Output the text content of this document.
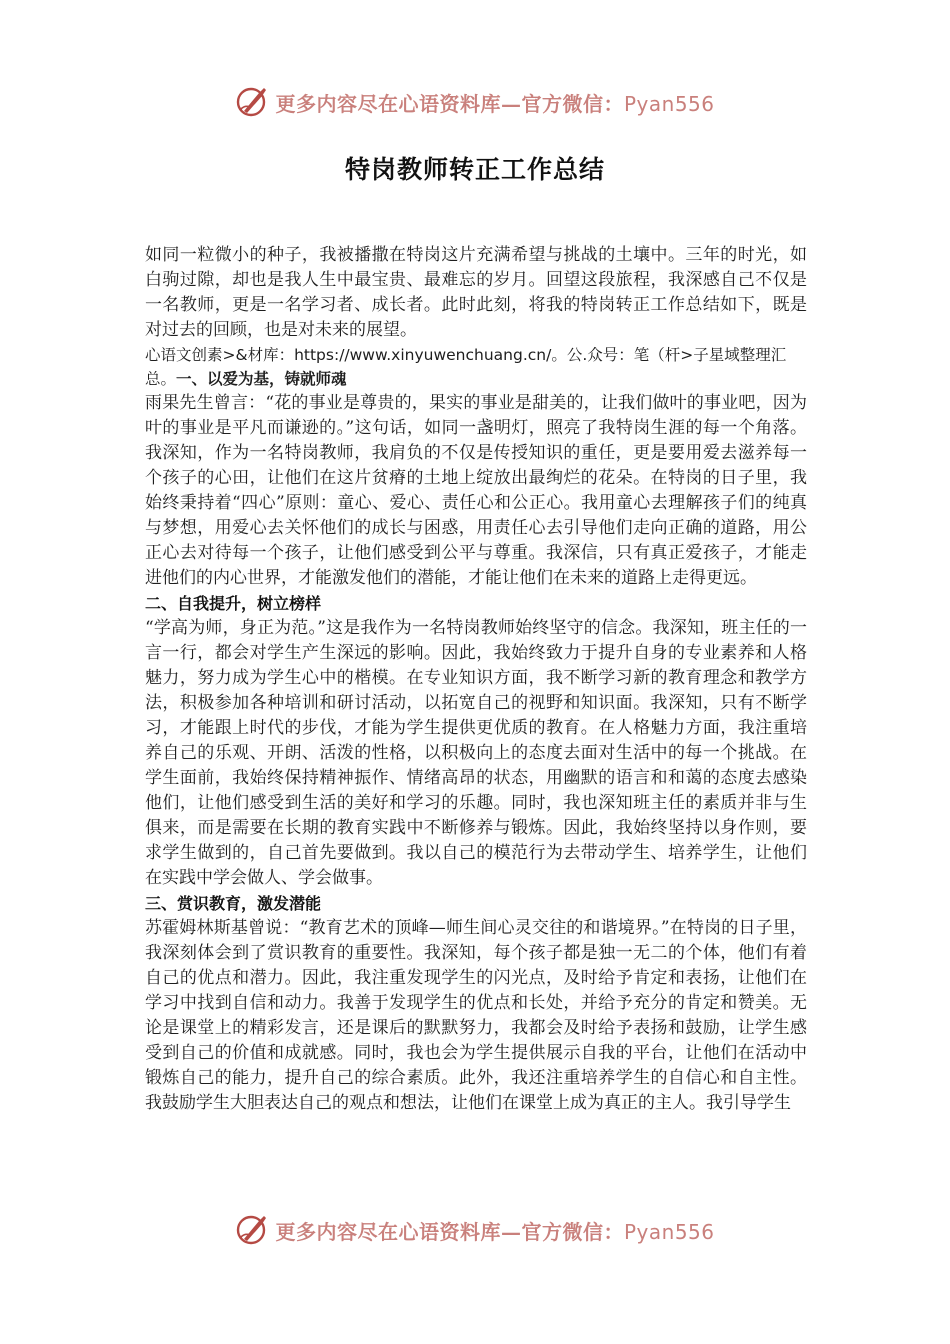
更多内容尽在心语资料库—官方微信：Pyan556
特岗教师转正工作总结

如同一粒微小的种子，我被播撒在特岗这片充满希望与挑战的土壤中。三年的时光，如白驹过隙，却也是我人生中最宝贵、最难忘的岁月。回望这段旅程，我深感自己不仅是一名教师，更是一名学习者、成长者。此时此刻，将我的特岗转正工作总结如下，既是对过去的回顾，也是对未来的展望。

心语文创素>&材库：https://www.xinyuwenchuang.cn/。公.众号：笔（杆>子星域整理汇总。一、以爱为基，铸就师魂

雨果先生曾言：“花的事业是尊贵的，果实的事业是甜美的，让我们做叶的事业吧，因为叶的事业是平凡而谦逊的。”这句话，如同一盏明灯，照亮了我特岗生涯的每一个角落。我深知，作为一名特岗教师，我肩负的不仅是传授知识的重任，更是要用爱去滋养每一个孩子的心田，让他们在这片贫瘠的土地上绽放出最绚烂的花朵。在特岗的日子里，我始终秉持着“四心”原则：童心、爱心、责任心和公正心。我用童心去理解孩子们的纯真与梦想，用爱心去关怀他们的成长与困惑，用责任心去引导他们走向正确的道路，用公正心去对待每一个孩子，让他们感受到公平与尊重。我深信，只有真正爱孩子，才能走进他们的内心世界，才能激发他们的潜能，才能让他们在未来的道路上走得更远。

二、自我提升，树立榜样

“学高为师，身正为范。”这是我作为一名特岗教师始终坚守的信念。我深知，班主任的一言一行，都会对学生产生深远的影响。因此，我始终致力于提升自身的专业素养和人格魅力，努力成为学生心中的楷模。在专业知识方面，我不断学习新的教育理念和教学方法，积极参加各种培训和研讨活动，以拓宽自己的视野和知识面。我深知，只有不断学习，才能跟上时代的步伐，才能为学生提供更优质的教育。在人格魅力方面，我注重培养自己的乐观、开朗、活泼的性格，以积极向上的态度去面对生活中的每一个挑战。在学生面前，我始终保持精神振作、情绪高昂的状态，用幽默的语言和和蔼的态度去感染他们，让他们感受到生活的美好和学习的乐趣。同时，我也深知班主任的素质并非与生俱来，而是需要在长期的教育实践中不断修养与锻炼。因此，我始终坚持以身作则，要求学生做到的，自己首先要做到。我以自己的模范行为去带动学生、培养学生，让他们在实践中学会做人、学会做事。

三、赏识教育，激发潜能

苏霍姆林斯基曾说：“教育艺术的顶峰—师生间心灵交往的和谐境界。”在特岗的日子里，我深刻体会到了赏识教育的重要性。我深知，每个孩子都是独一无二的个体，他们有着自己的优点和潜力。因此，我注重发现学生的闪光点，及时给予肯定和表扬，让他们在学习中找到自信和动力。我善于发现学生的优点和长处，并给予充分的肯定和赞美。无论是课堂上的精彩发言，还是课后的默默努力，我都会及时给予表扬和鼓励，让学生感受到自己的价值和成就感。同时，我也会为学生提供展示自我的平台，让他们在活动中锻炼自己的能力，提升自己的综合素质。此外，我还注重培养学生的自信心和自主性。我鼓励学生大胆表达自己的观点和想法，让他们在课堂上成为真正的主人。我引导学生

更多内容尽在心语资料库—官方微信：Pyan556
